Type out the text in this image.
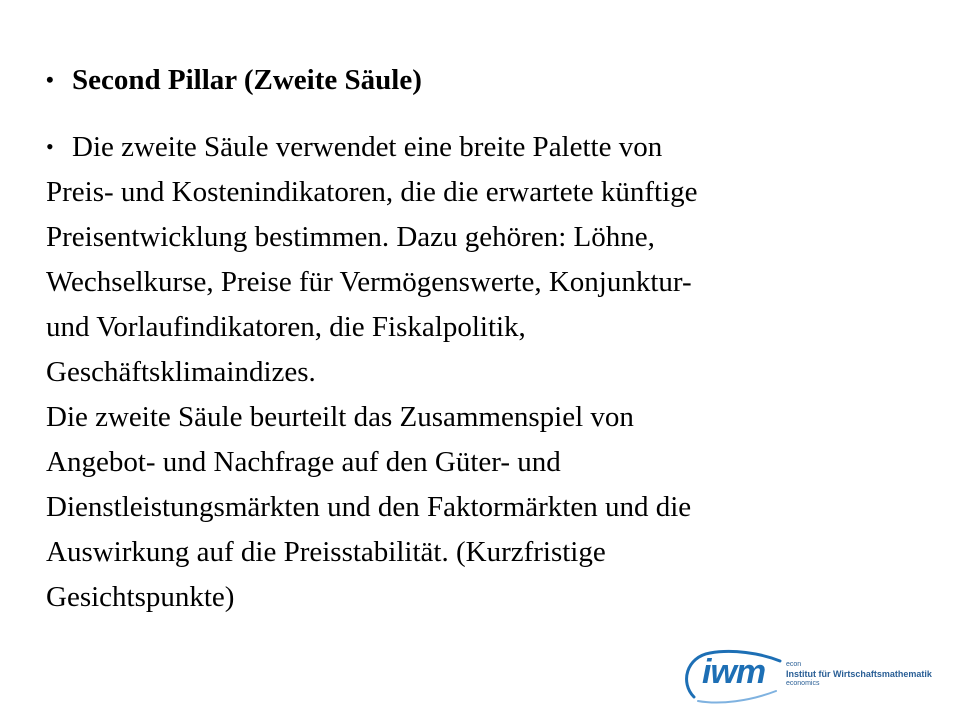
• Second Pillar (Zweite Säule)
• Die zweite Säule verwendet eine breite Palette von
Preis- und Kostenindikatoren, die die erwartete künftige
Preisentwicklung bestimmen. Dazu gehören: Löhne,
Wechselkurse, Preise für Vermögenswerte, Konjunktur-
und Vorlaufindikatoren, die Fiskalpolitik,
Geschäftsklimaindizes.
Die zweite Säule beurteilt das Zusammenspiel von
Angebot- und Nachfrage auf den Güter- und
Dienstleistungsmärkten und den Faktormärkten und die
Auswirkung auf die Preisstabilität. (Kurzfristige
Gesichtspunkte)
iwm	econ
Institut für Wirtschaftsmathematik
economics
